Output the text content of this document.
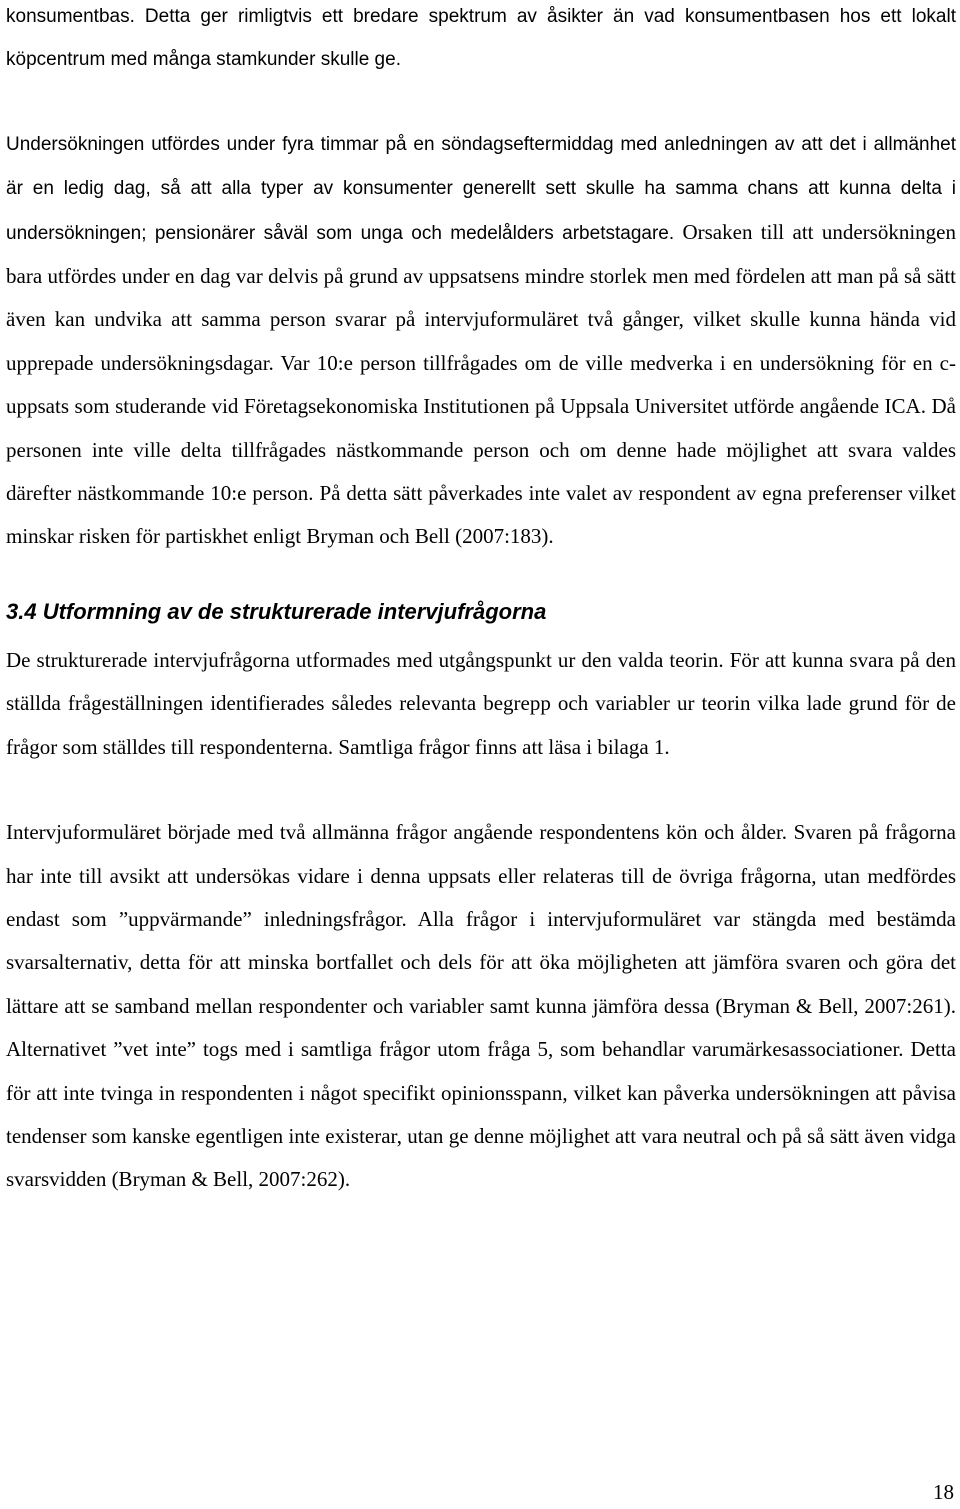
konsumentbas. Detta ger rimligtvis ett bredare spektrum av åsikter än vad konsumentbasen hos ett lokalt köpcentrum med många stamkunder skulle ge.

Undersökningen utfördes under fyra timmar på en söndagseftermiddag med anledningen av att det i allmänhet är en ledig dag, så att alla typer av konsumenter generellt sett skulle ha samma chans att kunna delta i undersökningen; pensionärer såväl som unga och medelålders arbetstagare. Orsaken till att undersökningen bara utfördes under en dag var delvis på grund av uppsatsens mindre storlek men med fördelen att man på så sätt även kan undvika att samma person svarar på intervjuformuläret två gånger, vilket skulle kunna hända vid upprepade undersökningsdagar. Var 10:e person tillfrågades om de ville medverka i en undersökning för en c-uppsats som studerande vid Företagsekonomiska Institutionen på Uppsala Universitet utförde angående ICA. Då personen inte ville delta tillfrågades nästkommande person och om denne hade möjlighet att svara valdes därefter nästkommande 10:e person. På detta sätt påverkades inte valet av respondent av egna preferenser vilket minskar risken för partiskhet enligt Bryman och Bell (2007:183).

3.4 Utformning av de strukturerade intervjufrågorna

De strukturerade intervjufrågorna utformades med utgångspunkt ur den valda teorin. För att kunna svara på den ställda frågeställningen identifierades således relevanta begrepp och variabler ur teorin vilka lade grund för de frågor som ställdes till respondenterna. Samtliga frågor finns att läsa i bilaga 1.

Intervjuformuläret började med två allmänna frågor angående respondentens kön och ålder. Svaren på frågorna har inte till avsikt att undersökas vidare i denna uppsats eller relateras till de övriga frågorna, utan medfördes endast som ”uppvärmande” inledningsfrågor. Alla frågor i intervjuformuläret var stängda med bestämda svarsalternativ, detta för att minska bortfallet och dels för att öka möjligheten att jämföra svaren och göra det lättare att se samband mellan respondenter och variabler samt kunna jämföra dessa (Bryman & Bell, 2007:261). Alternativet ”vet inte” togs med i samtliga frågor utom fråga 5, som behandlar varumärkesassociationer. Detta för att inte tvinga in respondenten i något specifikt opinionsspann, vilket kan påverka undersökningen att påvisa tendenser som kanske egentligen inte existerar, utan ge denne möjlighet att vara neutral och på så sätt även vidga svarsvidden (Bryman & Bell, 2007:262).

18
